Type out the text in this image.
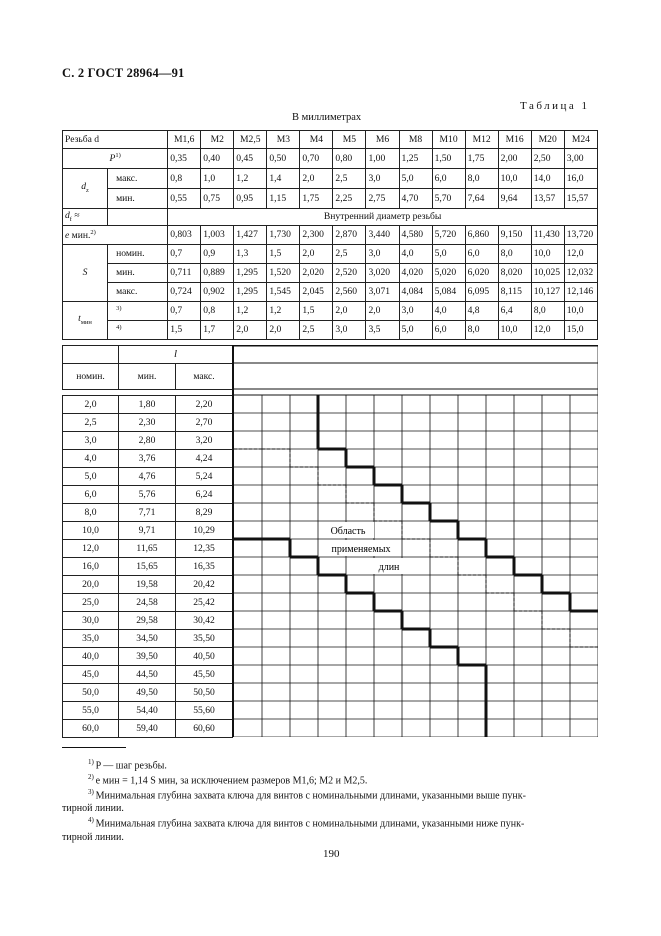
С. 2 ГОСТ 28964—91
Таблица 1
В миллиметрах
Резьба d		М1,6	М2	М2,5	М3	М4	М5	М6	М8	М10	М12	М16	М20	М24
$P^{1)}$		0,35	0,40	0,45	0,50	0,70	0,80	1,00	1,25	1,50	1,75	2,00	2,50	3,00
$d_z$	макс.	0,8	1,0	1,2	1,4	2,0	2,5	3,0	5,0	6,0	8,0	10,0	14,0	16,0
	мин.	0,55	0,75	0,95	1,15	1,75	2,25	2,75	4,70	5,70	7,64	9,64	13,57	15,57
$d_f$ ≈		Внутренний диаметр резьбы												
e мин.$^{2)}$		0,803	1,003	1,427	1,730	2,300	2,870	3,440	4,580	5,720	6,860	9,150	11,430	13,720
S	номин.	0,7	0,9	1,3	1,5	2,0	2,5	3,0	4,0	5,0	6,0	8,0	10,0	12,0
	мин.	0,711	0,889	1,295	1,520	2,020	2,520	3,020	4,020	5,020	6,020	8,020	10,025	12,032
	макс.	0,724	0,902	1,295	1,545	2,045	2,560	3,071	4,084	5,084	6,095	8,115	10,127	12,146
$t_{мин}$	$^{3)}$	0,7	0,8	1,2	1,2	1,5	2,0	2,0	3,0	4,0	4,8	6,4	8,0	10,0
	$^{4)}$	1,5	1,7	2,0	2,0	2,5	3,0	3,5	5,0	6,0	8,0	10,0	12,0	15,0
	l	
номин.	мин.	макс.

2,0	1,80	2,20
2,5	2,30	2,70
3,0	2,80	3,20
4,0	3,76	4,24
5,0	4,76	5,24
6,0	5,76	6,24
8,0	7,71	8,29
10,0	9,71	10,29
12,0	11,65	12,35
16,0	15,65	16,35
20,0	19,58	20,42
25,0	24,58	25,42
30,0	29,58	30,42
35,0	34,50	35,50
40,0	39,50	40,50
45,0	44,50	45,50
50,0	49,50	50,50
55,0	54,40	55,60
60,0	59,40	60,60
Область
применяемых
длин
$^{1)}$ P — шаг резьбы.
$^{2)}$ e мин = 1,14 S мин, за исключением размеров М1,6; М2 и М2,5.
$^{3)}$ Минимальная глубина захвата ключа для винтов с номинальными длинами, указанными выше пунк-
тирной линии.
$^{4)}$ Минимальная глубина захвата ключа для винтов с номинальными длинами, указанными ниже пунк-
тирной линии.
190
